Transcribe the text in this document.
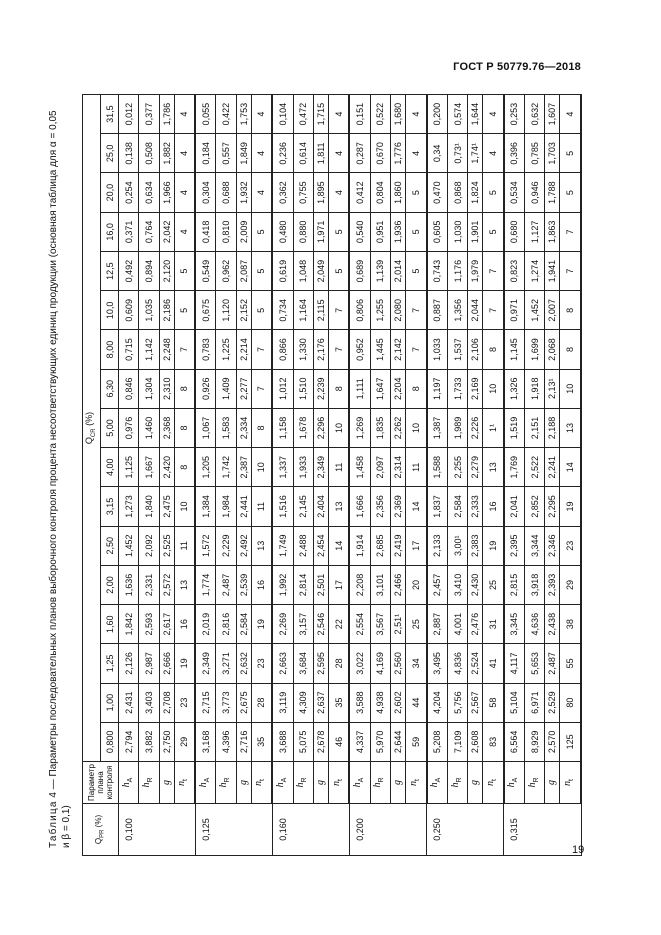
ГОСТ Р 50779.76—2018
Таблица 4 — Параметры последовательных планов выборочного контроля процента несоответствующих единиц продукции (основная таблица для α = 0,05 и β = 0,1)	$Q_{PR}$ (%)	Параметр плана контроля	$Q_{CR}$ (%)																
		0,800	1,00	1,25	1,60	2,00	2,50	3,15	4,00	5,00	6,30	8,00	10,0	12,5	16,0	20,0	25,0	31,5
0,100	$h_A$	2,794	2,431	2,126	1,842	1,636	1,452	1,273	1,125	0,976	0,846	0,715	0,609	0,492	0,371	0,254	0,138	0,012
	$h_R$	3,882	3,403	2,987	2,593	2,331	2,092	1,840	1,667	1,460	1,304	1,142	1,035	0,894	0,764	0,634	0,508	0,377
	g	2,750	2,708	2,666	2,617	2,572	2,525	2,475	2,420	2,368	2,310	2,248	2,186	2,120	2,042	1,966	1,882	1,786
	$n_t$	29	23	19	16	13	11	10	8	8	8	7	5	5	4	4	4	4
0,125	$h_A$	3,168	2,715	2,349	2,019	1,774	1,572	1,384	1,205	1,067	0,926	0,783	0,675	0,549	0,418	0,304	0,184	0,055
	$h_R$	4,396	3,773	3,271	2,816	2,487	2,229	1,984	1,742	1,583	1,409	1,225	1,120	0,962	0,810	0,688	0,557	0,422
	g	2,716	2,675	2,632	2,584	2,539	2,492	2,441	2,387	2,334	2,277	2,214	2,152	2,087	2,009	1,932	1,849	1,753
	$n_t$	35	28	23	19	16	13	11	10	8	7	7	5	5	5	4	4	4
0,160	$h_A$	3,688	3,119	2,663	2,269	1,992	1,749	1,516	1,337	1,158	1,012	0,866	0,734	0,619	0,480	0,362	0,236	0,104
	$h_R$	5,075	4,309	3,684	3,157	2,814	2,488	2,145	1,933	1,678	1,510	1,330	1,164	1,048	0,880	0,755	0,614	0,472
	g	2,678	2,637	2,595	2,546	2,501	2,454	2,404	2,349	2,296	2,239	2,176	2,115	2,049	1,971	1,895	1,811	1,715
	$n_t$	46	35	28	22	17	14	13	11	10	8	7	7	5	5	4	4	4
0,200	$h_A$	4,337	3,588	3,022	2,554	2,208	1,914	1,666	1,458	1,269	1,111	0,952	0,806	0,689	0,540	0,412	0,287	0,151
	$h_R$	5,970	4,938	4,169	3,567	3,101	2,685	2,356	2,097	1,835	1,647	1,445	1,255	1,139	0,951	0,804	0,670	0,522
	g	2,644	2,602	2,560	2,51¹	2,466	2,419	2,369	2,314	2,262	2,204	2,142	2,080	2,014	1,936	1,860	1,776	1,680
	$n_t$	59	44	34	25	20	17	14	11	10	8	7	7	5	5	5	4	4
0,250	$h_A$	5,208	4,204	3,495	2,887	2,457	2,133	1,837	1,588	1,387	1,197	1,033	0,887	0,743	0,605	0,470	0,34	0,200
	$h_R$	7,109	5,756	4,836	4,001	3,410	3,00¹	2,584	2,255	1,989	1,733	1,537	1,356	1,176	1,030	0,868	0,73¹	0,574
	g	2,608	2,567	2,524	2,476	2,430	2,383	2,333	2,279	2,226	2,169	2,106	2,044	1,979	1,901	1,824	1,74¹	1,644
	$n_t$	83	58	41	31	25	19	16	13	1¹	10	8	7	7	5	5	4	4
0,315	$h_A$	6,564	5,104	4,117	3,345	2,815	2,395	2,041	1,769	1,519	1,326	1,145	0,971	0,823	0,680	0,534	0,396	0,253
	$h_R$	8,929	6,971	5,653	4,636	3,918	3,344	2,852	2,522	2,151	1,918	1,699	1,452	1,274	1,127	0,946	0,785	0,632
	g	2,570	2,529	2,487	2,438	2,393	2,346	2,295	2,241	2,188	2,13¹	2,068	2,007	1,941	1,863	1,788	1,703	1,607
	$n_t$	125	80	55	38	29	23	19	14	13	10	8	8	7	7	5	5	4
19
